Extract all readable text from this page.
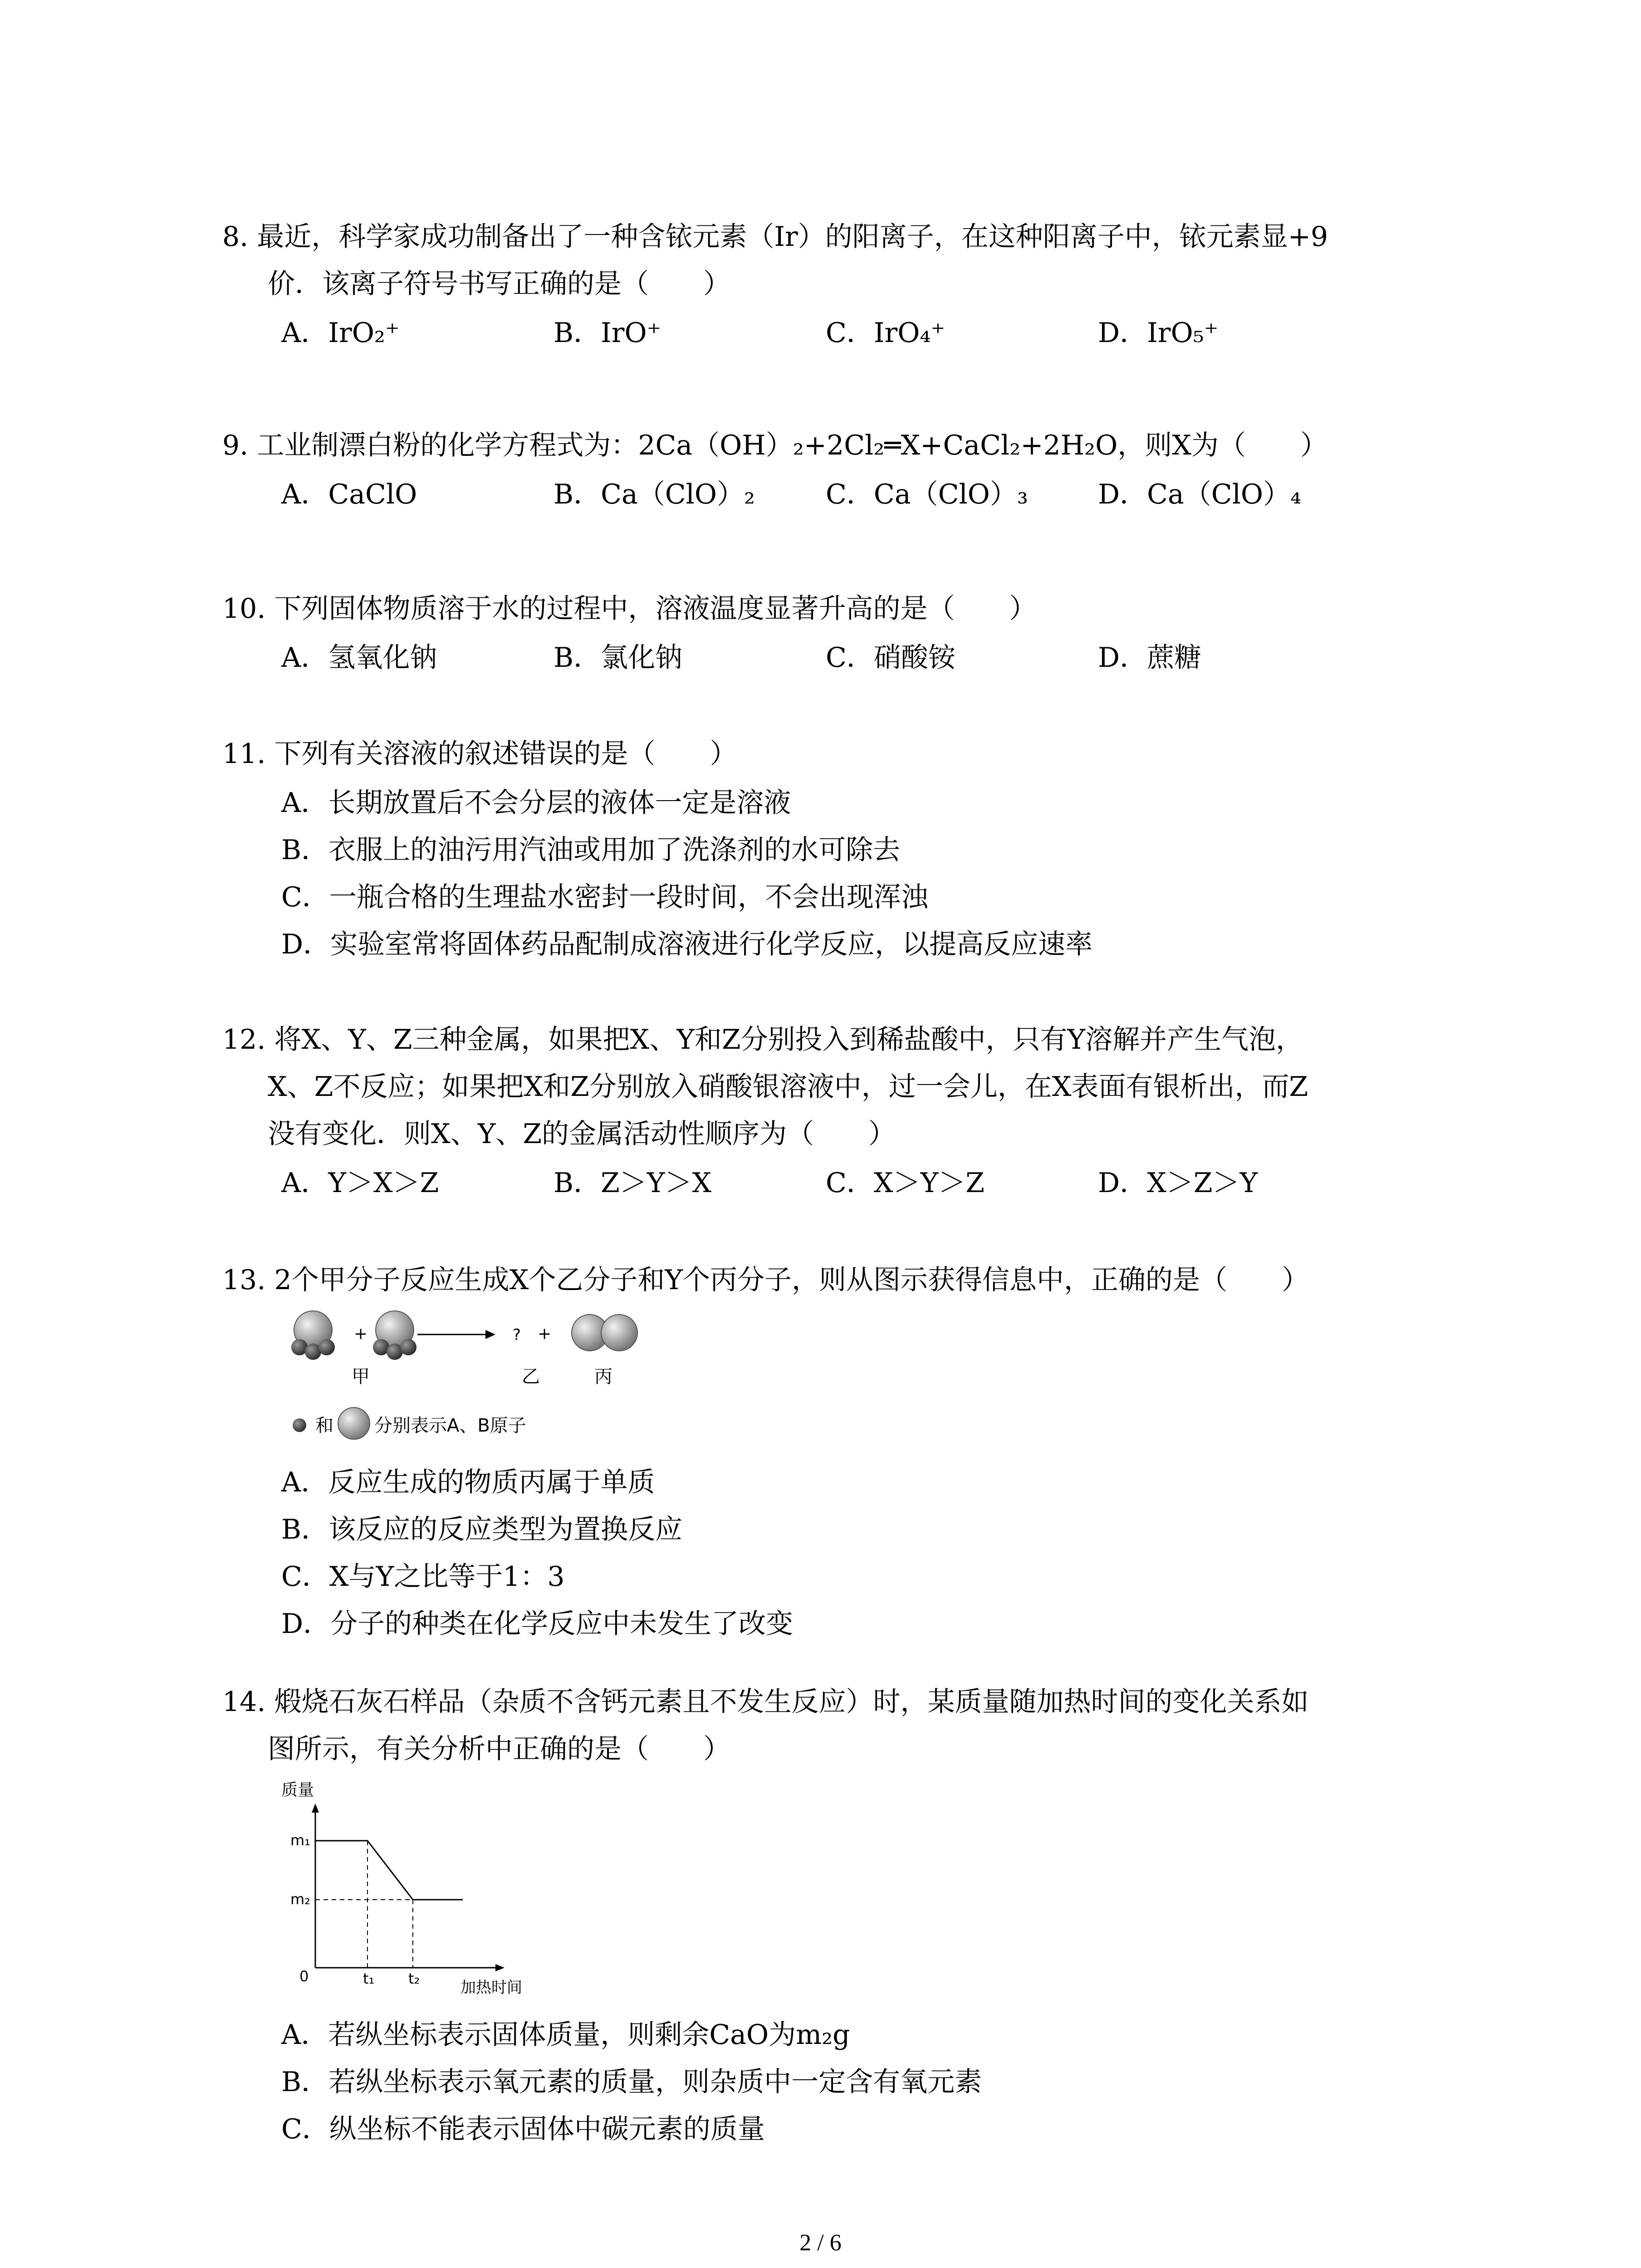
8. 最近，科学家成功制备出了一种含铱元素（Ir）的阳离子，在这种阳离子中，铱元素显+9
价．该离子符号书写正确的是（　　）
A．IrO₂⁺	B．IrO⁺	C．IrO₄⁺	D．IrO₅⁺
9. 工业制漂白粉的化学方程式为：2Ca（OH）₂+2Cl₂═X+CaCl₂+2H₂O，则X为（　　）
A．CaClO	B．Ca（ClO）₂	C．Ca（ClO）₃	D．Ca（ClO）₄
10. 下列固体物质溶于水的过程中，溶液温度显著升高的是（　　）
A．氢氧化钠	B．氯化钠	C．硝酸铵	D．蔗糖
11. 下列有关溶液的叙述错误的是（　　）
A．长期放置后不会分层的液体一定是溶液
B．衣服上的油污用汽油或用加了洗涤剂的水可除去
C．一瓶合格的生理盐水密封一段时间，不会出现浑浊
D．实验室常将固体药品配制成溶液进行化学反应，以提高反应速率
12. 将X、Y、Z三种金属，如果把X、Y和Z分别投入到稀盐酸中，只有Y溶解并产生气泡，
X、Z不反应；如果把X和Z分别放入硝酸银溶液中，过一会儿，在X表面有银析出，而Z
没有变化．则X、Y、Z的金属活动性顺序为（　　）
A．Y＞X＞Z	B．Z＞Y＞X	C．X＞Y＞Z	D．X＞Z＞Y
13. 2个甲分子反应生成X个乙分子和Y个丙分子，则从图示获得信息中，正确的是（　　）
+	? +
甲	乙	丙
和 分别表示A、B原子
A．反应生成的物质丙属于单质
B．该反应的反应类型为置换反应
C．X与Y之比等于1：3
D．分子的种类在化学反应中未发生了改变
14. 煅烧石灰石样品（杂质不含钙元素且不发生反应）时，某质量随加热时间的变化关系如
图所示，有关分析中正确的是（　　）
质量
0
m₁
m₂
t₁ t₂	加热时间
A．若纵坐标表示固体质量，则剩余CaO为m₂g
B．若纵坐标表示氧元素的质量，则杂质中一定含有氧元素
C．纵坐标不能表示固体中碳元素的质量
2 / 6
